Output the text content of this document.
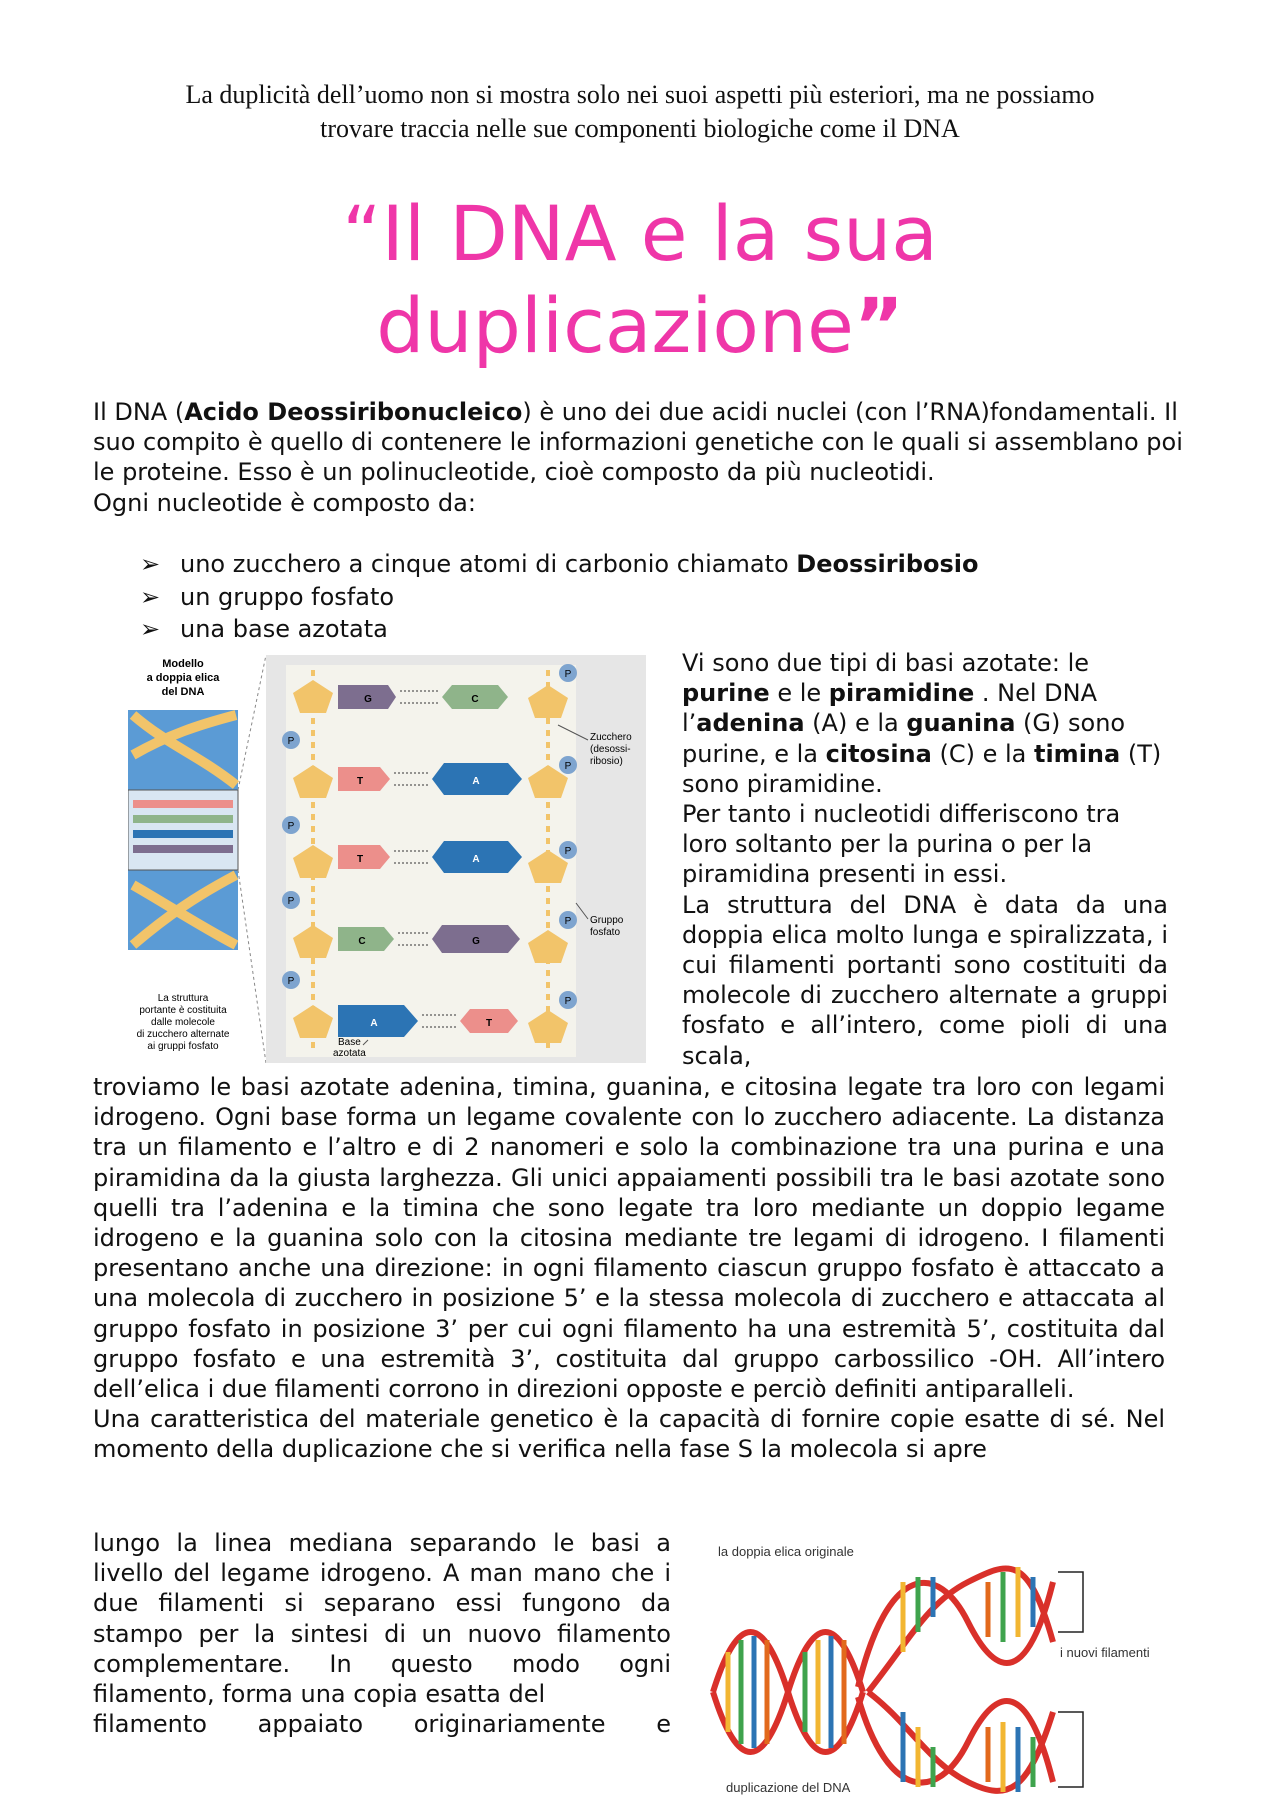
La duplicità dell’uomo non si mostra solo nei suoi aspetti più esteriori, ma ne possiamo
trovare traccia nelle sue componenti biologiche come il DNA
“Il DNA e la sua
duplicazione”
Il DNA (Acido Deossiribonucleico) è uno dei due acidi nuclei (con l’RNA)fondamentali. Il suo compito è quello di contenere le informazioni genetiche con le quali si assemblano poi le proteine. Esso è un polinucleotide, cioè composto da più nucleotidi.
Ogni nucleotide è composto da:
➢ uno zucchero a cinque atomi di carbonio chiamato Deossiribosio
➢ un gruppo fosfato
➢ una base azotata
Vi sono due tipi di basi azotate: le purine e le piramidine . Nel DNA l’adenina (A) e la guanina (G) sono purine, e la citosina (C) e la timina (T) sono piramidine.
Per tanto i nucleotidi differiscono tra loro soltanto per la purina o per la piramidina presenti in essi.
La struttura del DNA è data da una doppia elica molto lunga e spiralizzata, i cui filamenti portanti sono costituiti da molecole di zucchero alternate a gruppi fosfato e all’intero, come pioli di una scala,
troviamo le basi azotate adenina, timina, guanina, e citosina legate tra loro con legami idrogeno. Ogni base forma un legame covalente con lo zucchero adiacente. La distanza tra un filamento e l’altro e di 2 nanomeri e solo la combinazione tra una purina e una piramidina da la giusta larghezza. Gli unici appaiamenti possibili tra le basi azotate sono quelli tra l’adenina e la timina che sono legate tra loro mediante un doppio legame idrogeno e la guanina solo con la citosina mediante tre legami di idrogeno. I filamenti presentano anche una direzione: in ogni filamento ciascun gruppo fosfato è attaccato a una molecola di zucchero in posizione 5’ e la stessa molecola di zucchero e attaccata al gruppo fosfato in posizione 3’ per cui ogni filamento ha una estremità 5’, costituita dal gruppo fosfato e una estremità 3’, costituita dal gruppo carbossilico -OH. All’intero dell’elica i due filamenti corrono in direzioni opposte e perciò definiti antiparalleli.
Una caratteristica del materiale genetico è la capacità di fornire copie esatte di sé. Nel momento della duplicazione che si verifica nella fase S la molecola si apre
lungo la linea mediana separando le basi a livello del legame idrogeno. A man mano che i due filamenti si separano essi fungono da stampo per la sintesi di un nuovo filamento complementare. In questo modo ogni filamento, forma una copia esatta del
filamento appaiato originariamente e
Modello
a doppia elica
del DNA
La struttura
portante è costituita
dalle molecole
di zucchero alternate
ai gruppi fosfato
P
P
P
P
P
P
P
P
P
G	C
T	A
T	A
C	G
A	T
Zucchero
(desossi-
ribosio)
Gruppo
fosfato
Base
azotata
la doppia elica originale
i nuovi filamenti
duplicazione del DNA
